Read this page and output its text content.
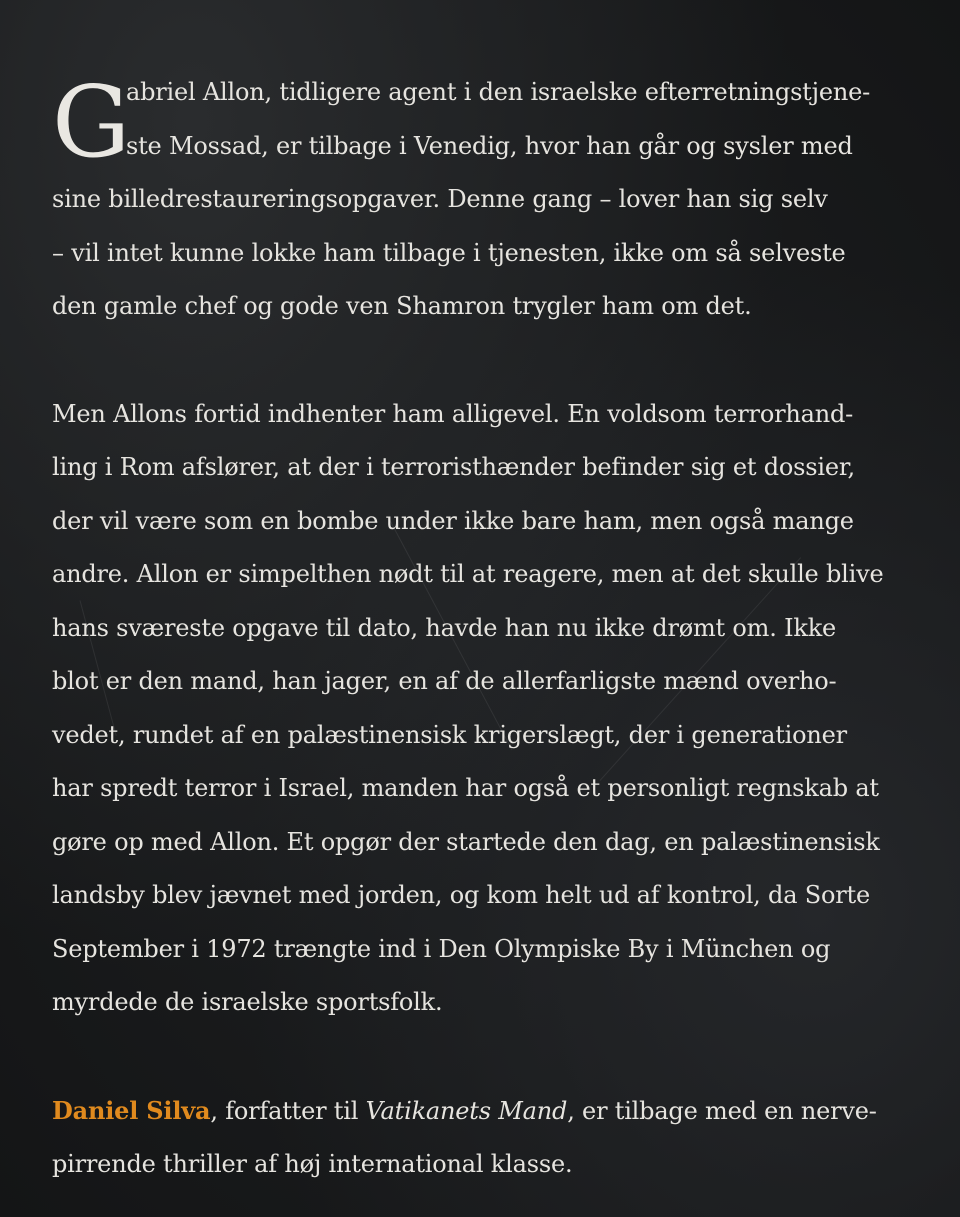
G
abriel Allon, tidligere agent i den israelske efterretningstjene-
ste Mossad, er tilbage i Venedig, hvor han går og sysler med
sine billedrestaureringsopgaver. Denne gang – lover han sig selv
– vil intet kunne lokke ham tilbage i tjenesten, ikke om så selveste
den gamle chef og gode ven Shamron trygler ham om det.
Men Allons fortid indhenter ham alligevel. En voldsom terrorhand-
ling i Rom afslører, at der i terroristhænder befinder sig et dossier,
der vil være som en bombe under ikke bare ham, men også mange
andre. Allon er simpelthen nødt til at reagere, men at det skulle blive
hans sværeste opgave til dato, havde han nu ikke drømt om. Ikke
blot er den mand, han jager, en af de allerfarligste mænd overho-
vedet, rundet af en palæstinensisk krigerslægt, der i generationer
har spredt terror i Israel, manden har også et personligt regnskab at
gøre op med Allon. Et opgør der startede den dag, en palæstinensisk
landsby blev jævnet med jorden, og kom helt ud af kontrol, da Sorte
September i 1972 trængte ind i Den Olympiske By i München og
myrdede de israelske sportsfolk.
Daniel Silva, forfatter til Vatikanets Mand, er tilbage med en nerve-
pirrende thriller af høj international klasse.
